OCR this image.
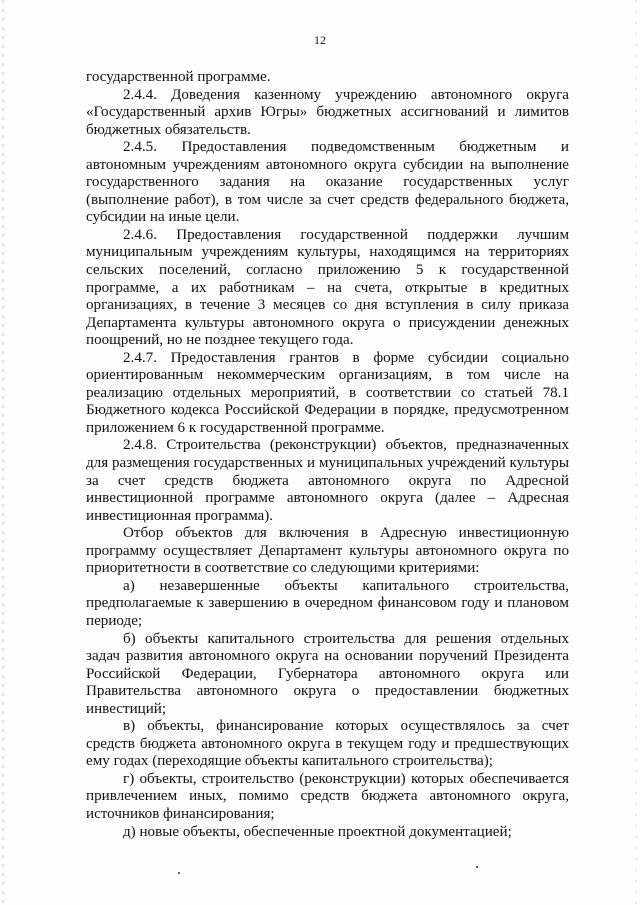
12

государственной программе.

2.4.4. Доведения казенному учреждению автономного округа «Государственный архив Югры» бюджетных ассигнований и лимитов бюджетных обязательств.

2.4.5. Предоставления подведомственным бюджетным и автономным учреждениям автономного округа субсидии на выполнение государственного задания на оказание государственных услуг (выполнение работ), в том числе за счет средств федерального бюджета, субсидии на иные цели.

2.4.6. Предоставления государственной поддержки лучшим муниципальным учреждениям культуры, находящимся на территориях сельских поселений, согласно приложению 5 к государственной программе, а их работникам – на счета, открытые в кредитных организациях, в течение 3 месяцев со дня вступления в силу приказа Департамента культуры автономного округа о присуждении денежных поощрений, но не позднее текущего года.

2.4.7. Предоставления грантов в форме субсидии социально ориентированным некоммерческим организациям, в том числе на реализацию отдельных мероприятий, в соответствии со статьей 78.1 Бюджетного кодекса Российской Федерации в порядке, предусмотренном приложением 6 к государственной программе.

2.4.8. Строительства (реконструкции) объектов, предназначенных для размещения государственных и муниципальных учреждений культуры за счет средств бюджета автономного округа по Адресной инвестиционной программе автономного округа (далее – Адресная инвестиционная программа).

Отбор объектов для включения в Адресную инвестиционную программу осуществляет Департамент культуры автономного округа по приоритетности в соответствие со следующими критериями:

а) незавершенные объекты капитального строительства, предполагаемые к завершению в очередном финансовом году и плановом периоде;

б) объекты капитального строительства для решения отдельных задач развития автономного округа на основании поручений Президента Российской Федерации, Губернатора автономного округа или Правительства автономного округа о предоставлении бюджетных инвестиций;

в) объекты, финансирование которых осуществлялось за счет средств бюджета автономного округа в текущем году и предшествующих ему годах (переходящие объекты капитального строительства);

г) объекты, строительство (реконструкции) которых обеспечивается привлечением иных, помимо средств бюджета автономного округа, источников финансирования;

д) новые объекты, обеспеченные проектной документацией;
